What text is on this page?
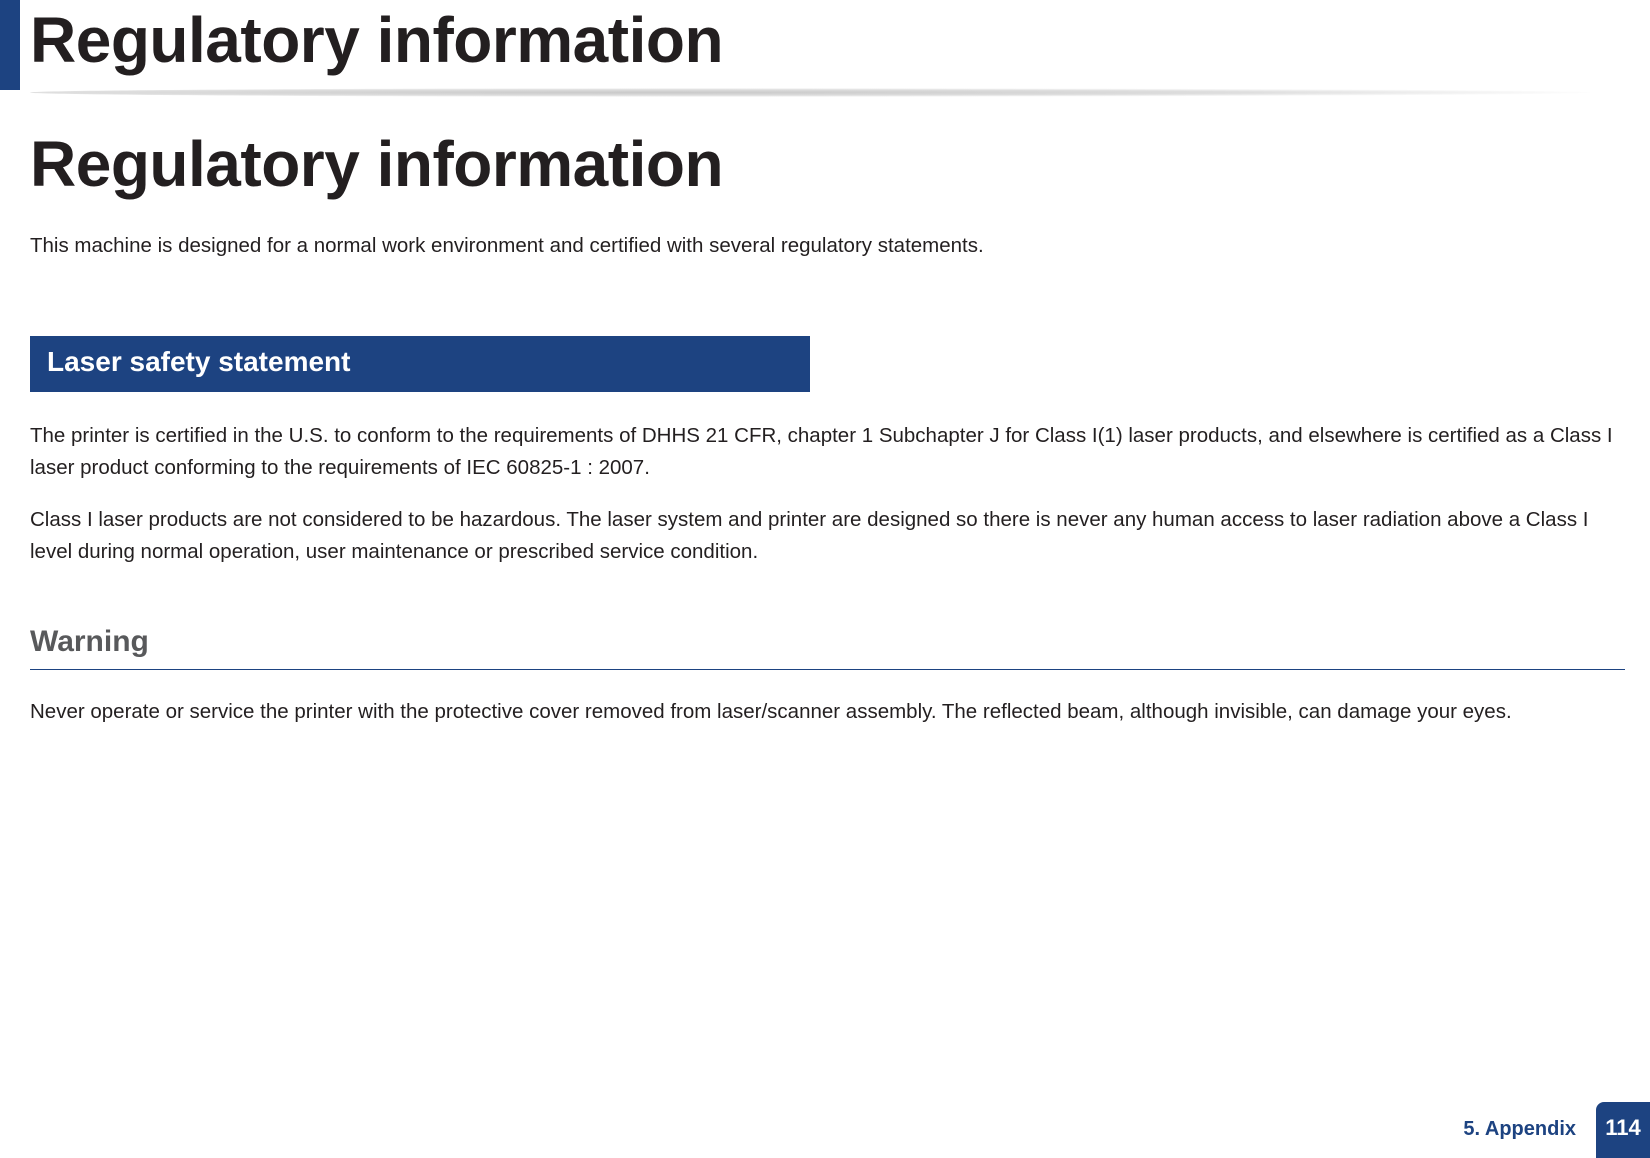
Regulatory information
Regulatory information

This machine is designed for a normal work environment and certified with several regulatory statements.

Laser safety statement

The printer is certified in the U.S. to conform to the requirements of DHHS 21 CFR, chapter 1 Subchapter J for Class I(1) laser products, and elsewhere is certified as a Class I laser product conforming to the requirements of IEC 60825-1 : 2007.

Class I laser products are not considered to be hazardous. The laser system and printer are designed so there is never any human access to laser radiation above a Class I level during normal operation, user maintenance or prescribed service condition.

Warning

Never operate or service the printer with the protective cover removed from laser/scanner assembly. The reflected beam, although invisible, can damage your eyes.

5. Appendix	114
